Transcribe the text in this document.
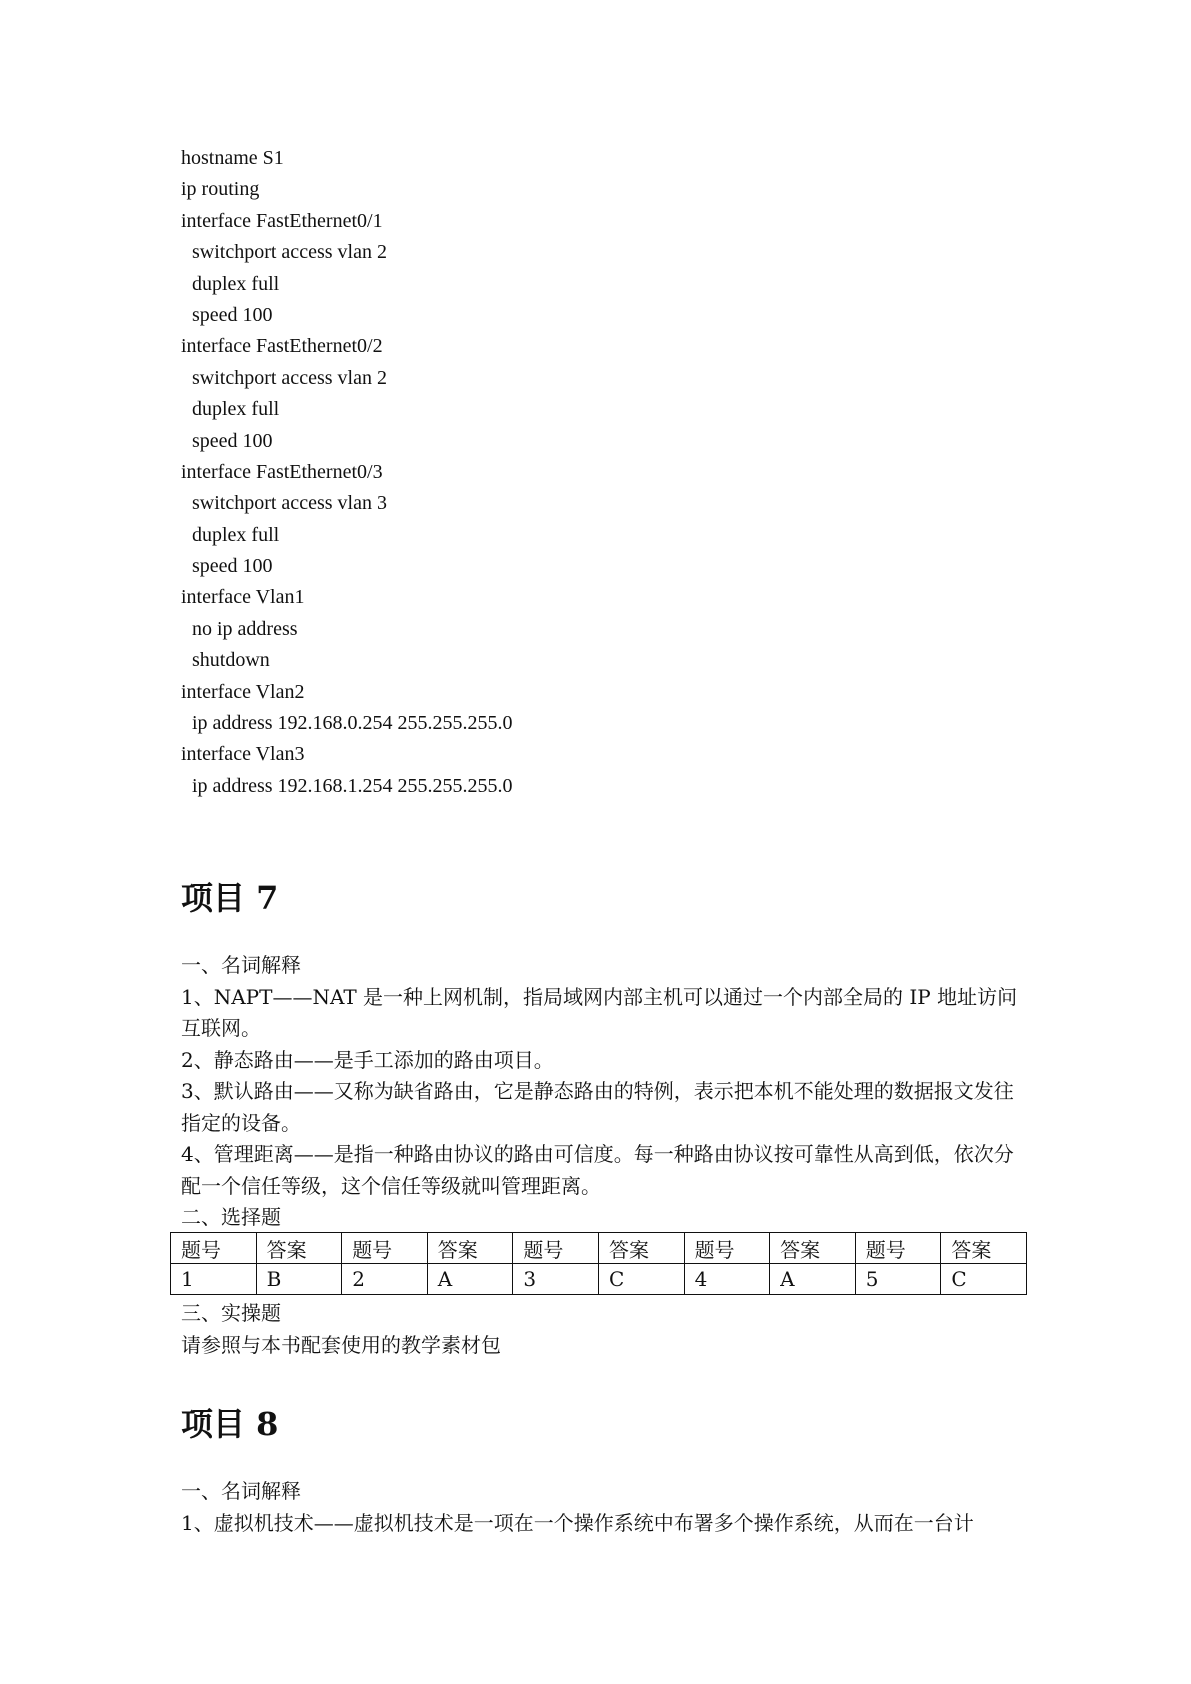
hostname S1
ip routing
interface FastEthernet0/1
switchport access vlan 2
duplex full
speed 100
interface FastEthernet0/2
switchport access vlan 2
duplex full
speed 100
interface FastEthernet0/3
switchport access vlan 3
duplex full
speed 100
interface Vlan1
no ip address
shutdown
interface Vlan2
ip address 192.168.0.254 255.255.255.0
interface Vlan3
ip address 192.168.1.254 255.255.255.0
项目 7
一、名词解释
1、NAPT——NAT 是一种上网机制，指局域网内部主机可以通过一个内部全局的 IP 地址访问互联网。
2、静态路由——是手工添加的路由项目。
3、默认路由——又称为缺省路由，它是静态路由的特例，表示把本机不能处理的数据报文发往指定的设备。
4、管理距离——是指一种路由协议的路由可信度。每一种路由协议按可靠性从高到低，依次分配一个信任等级，这个信任等级就叫管理距离。
二、选择题
题号	答案	题号	答案	题号	答案	题号	答案	题号	答案
1	B	2	A	3	C	4	A	5	C
三、实操题
请参照与本书配套使用的教学素材包
项目 8
一、名词解释
1、虚拟机技术——虚拟机技术是一项在一个操作系统中布署多个操作系统，从而在一台计
